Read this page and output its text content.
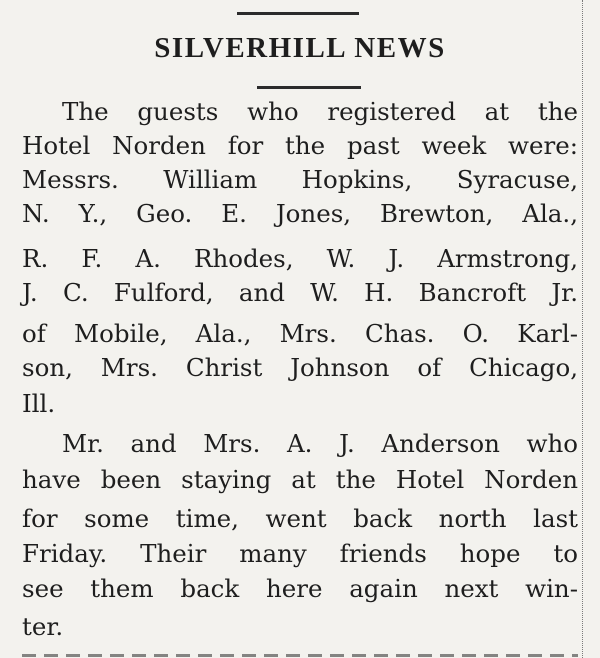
SILVERHILL NEWS
The guests who registered at the
Hotel Norden for the past week were:
Messrs. William Hopkins, Syracuse,
N. Y., Geo. E. Jones, Brewton, Ala.,
R. F. A. Rhodes, W. J. Armstrong,
J. C. Fulford, and W. H. Bancroft Jr.
of Mobile, Ala., Mrs. Chas. O. Karl-
son, Mrs. Christ Johnson of Chicago,
Ill.
Mr. and Mrs. A. J. Anderson who
have been staying at the Hotel Norden
for some time, went back north last
Friday. Their many friends hope to
see them back here again next win-
ter.
